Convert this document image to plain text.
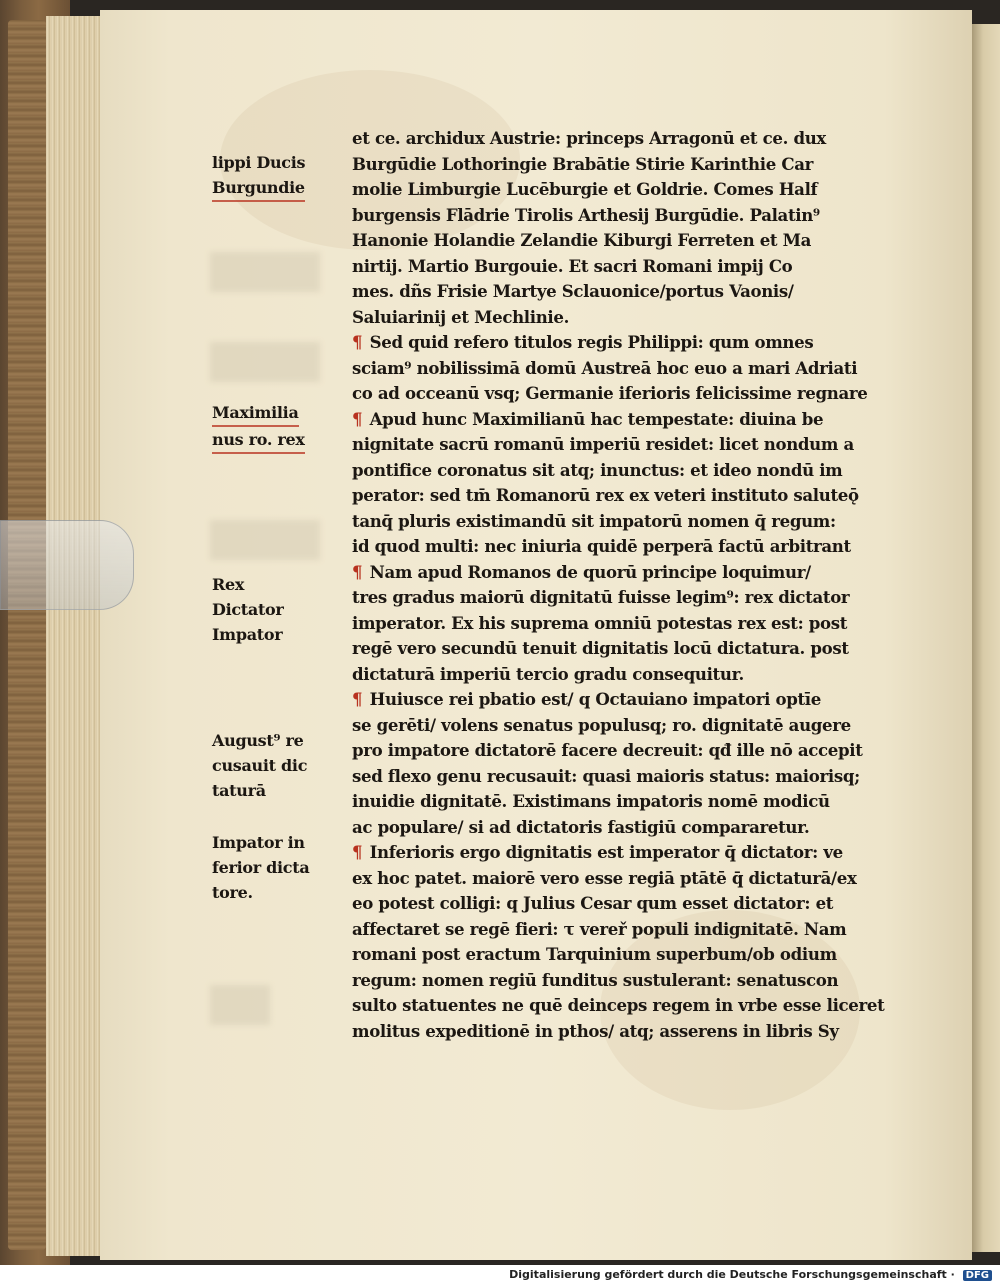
lippi Ducis
Burgundie
Maximilia
nus ro. rex
Rex
Dictator
Impator
August⁹ re
cusauit dic
taturā
Impator in
ferior dicta
tore.
et ce. archidux Austrie: princeps Arragonū et ce. dux
Burgūdie Lothoringie Brabātie Stirie Karinthie Car
molie Limburgie Lucēburgie et Goldrie. Comes Half
burgensis Flādrie Tirolis Arthesij Burgūdie. Palatin⁹
Hanonie Holandie Zelandie Kiburgi Ferreten et Ma
nirtij. Martio Burgouie. Et sacri Romani impij Co
mes. dñs Frisie Martye Sclauonice/portus Vaonis/
Saluiarinij et Mechlinie.
¶ Sed quid refero titulos regis Philippi: qum omnes
sciam⁹ nobilissimā domū Austreā hoc euo a mari Adriati
co ad occeanū vsq; Germanie iferioris felicissime regnare
¶ Apud hunc Maximilianū hac tempestate: diuina be
nignitate sacrū romanū imperiū residet: licet nondum a
pontifice coronatus sit atq; inunctus: et ideo nondū im
perator: sed tm̄ Romanorū rex ex veteri instituto saluteǭ
tanq̄ pluris existimandū sit impatorū nomen q̄ regum:
id quod multi: nec iniuria quidē perperā factū arbitrant
¶ Nam apud Romanos de quorū principe loquimur/
tres gradus maiorū dignitatū fuisse legim⁹: rex dictator
imperator. Ex his suprema omniū potestas rex est: post
regē vero secundū tenuit dignitatis locū dictatura. post
dictaturā imperiū tercio gradu consequitur.
¶ Huiusce rei pbatio est/ q Octauiano impatori optīe
se gerēti/ volens senatus populusq; ro. dignitatē augere
pro impatore dictatorē facere decreuit: qđ ille nō accepit
sed flexo genu recusauit: quasi maioris status: maiorisq;
inuidie dignitatē. Existimans impatoris nomē modicū
ac populare/ si ad dictatoris fastigiū compararetur.
¶ Inferioris ergo dignitatis est imperator q̄ dictator: ve
ex hoc patet. maiorē vero esse regiā ptātē q̄ dictaturā/ex
eo potest colligi: q Julius Cesar qum esset dictator: et
affectaret se regē fieri: τ vereř populi indignitatē. Nam
romani post eractum Tarquinium superbum/ob odium
regum: nomen regiū funditus sustulerant: senatuscon
sulto statuentes ne quē deinceps regem in vrbe esse liceret
molitus expeditionē in pthos/ atq; asserens in libris Sy
Digitalisierung gefördert durch die Deutsche Forschungsgemeinschaft · DFG
